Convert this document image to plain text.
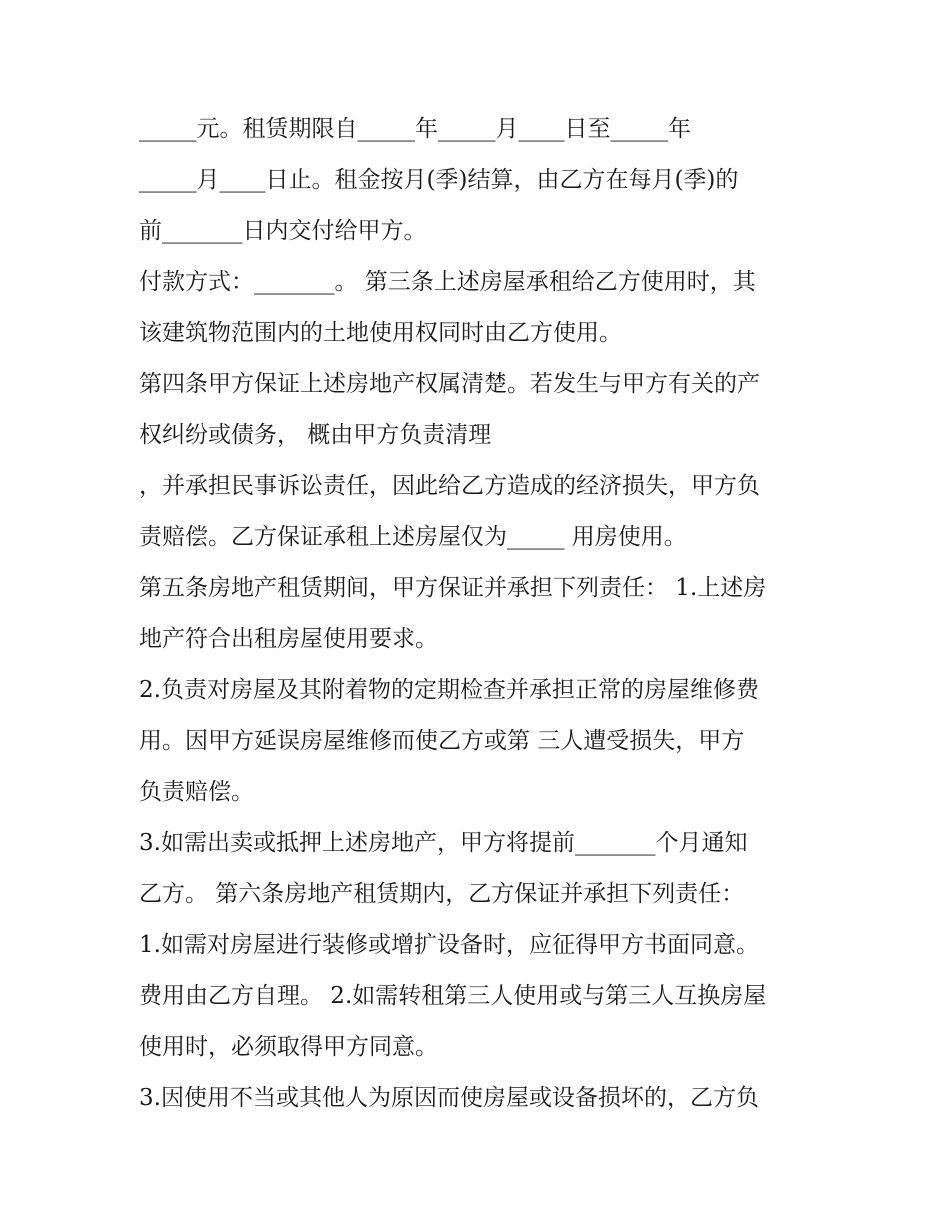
_____元。租赁期限自_____年_____月____日至_____年
_____月____日止。租金按月(季)结算，由乙方在每月(季)的
前_______日内交付给甲方。
付款方式：_______。 第三条上述房屋承租给乙方使用时，其
该建筑物范围内的土地使用权同时由乙方使用。
第四条甲方保证上述房地产权属清楚。若发生与甲方有关的产
权纠纷或债务， 概由甲方负责清理
，并承担民事诉讼责任，因此给乙方造成的经济损失，甲方负
责赔偿。乙方保证承租上述房屋仅为_____ 用房使用。
第五条房地产租赁期间，甲方保证并承担下列责任： 1.上述房
地产符合出租房屋使用要求。
2.负责对房屋及其附着物的定期检查并承担正常的房屋维修费
用。因甲方延误房屋维修而使乙方或第 三人遭受损失，甲方
负责赔偿。
3.如需出卖或抵押上述房地产，甲方将提前_______个月通知
乙方。 第六条房地产租赁期内，乙方保证并承担下列责任：
1.如需对房屋进行装修或增扩设备时，应征得甲方书面同意。
费用由乙方自理。 2.如需转租第三人使用或与第三人互换房屋
使用时，必须取得甲方同意。
3.因使用不当或其他人为原因而使房屋或设备损坏的，乙方负
